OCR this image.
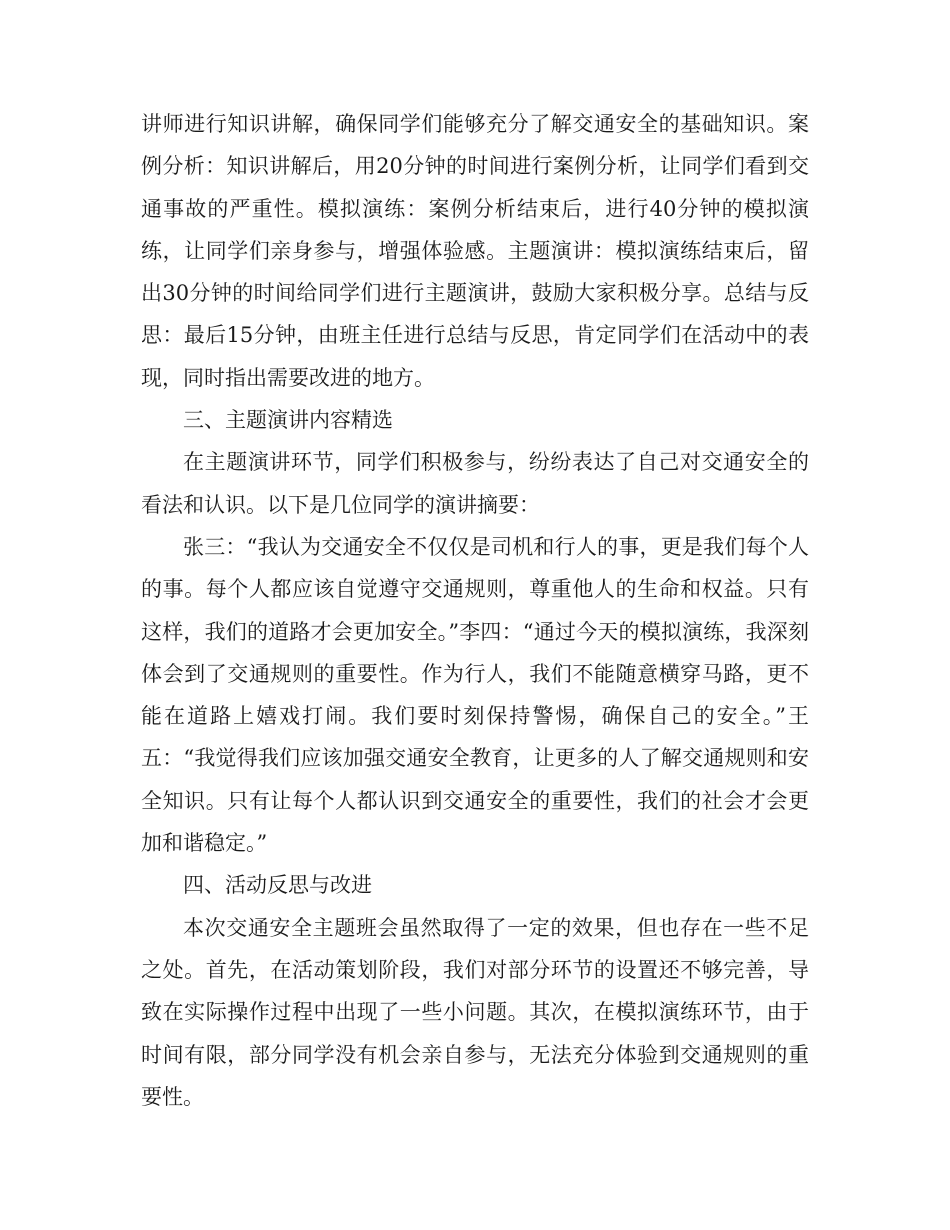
讲师进行知识讲解，确保同学们能够充分了解交通安全的基础知识。案例分析：知识讲解后，用20分钟的时间进行案例分析，让同学们看到交通事故的严重性。模拟演练：案例分析结束后，进行40分钟的模拟演练，让同学们亲身参与，增强体验感。主题演讲：模拟演练结束后，留出30分钟的时间给同学们进行主题演讲，鼓励大家积极分享。总结与反思：最后15分钟，由班主任进行总结与反思，肯定同学们在活动中的表现，同时指出需要改进的地方。

三、主题演讲内容精选

在主题演讲环节，同学们积极参与，纷纷表达了自己对交通安全的看法和认识。以下是几位同学的演讲摘要：

张三：“我认为交通安全不仅仅是司机和行人的事，更是我们每个人的事。每个人都应该自觉遵守交通规则，尊重他人的生命和权益。只有这样，我们的道路才会更加安全。”李四：“通过今天的模拟演练，我深刻体会到了交通规则的重要性。作为行人，我们不能随意横穿马路，更不能在道路上嬉戏打闹。我们要时刻保持警惕，确保自己的安全。”王五：“我觉得我们应该加强交通安全教育，让更多的人了解交通规则和安全知识。只有让每个人都认识到交通安全的重要性，我们的社会才会更加和谐稳定。”

四、活动反思与改进

本次交通安全主题班会虽然取得了一定的效果，但也存在一些不足之处。首先，在活动策划阶段，我们对部分环节的设置还不够完善，导致在实际操作过程中出现了一些小问题。其次，在模拟演练环节，由于时间有限，部分同学没有机会亲自参与，无法充分体验到交通规则的重要性。
